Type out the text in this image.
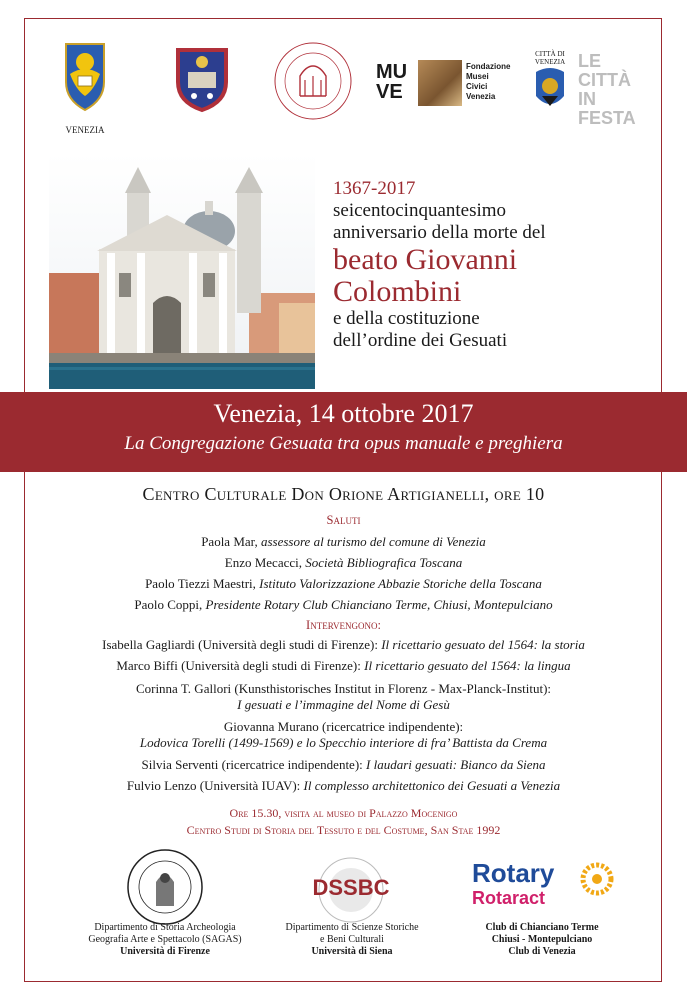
VENEZIA
MU VE
Fondazione
Musei
Civici
Venezia
CITTÀ DI
VENEZIA LE
CITTÀ
IN
FESTA
1367-2017
seicentocinquantesimo
anniversario della morte del
beato Giovanni
Colombini
e della costituzione
dell’ordine dei Gesuati
Venezia, 14 ottobre 2017
La Congregazione Gesuata tra opus manuale e preghiera
Centro Culturale Don Orione Artigianelli, ore 10
Saluti
Paola Mar, assessore al turismo del comune di Venezia
Enzo Mecacci, Società Bibliografica Toscana
Paolo Tiezzi Maestri, Istituto Valorizzazione Abbazie Storiche della Toscana
Paolo Coppi, Presidente Rotary Club Chianciano Terme, Chiusi, Montepulciano
Intervengono:
Isabella Gagliardi (Università degli studi di Firenze): Il ricettario gesuato del 1564: la storia
Marco Biffi (Università degli studi di Firenze): Il ricettario gesuato del 1564: la lingua
Corinna T. Gallori (Kunsthistorisches Institut in Florenz - Max-Planck-Institut):
I gesuati e l’immagine del Nome di Gesù
Giovanna Murano (ricercatrice indipendente):
Lodovica Torelli (1499-1569) e lo Specchio interiore di fra’ Battista da Crema
Silvia Serventi (ricercatrice indipendente): I laudari gesuati: Bianco da Siena
Fulvio Lenzo (Università IUAV): Il complesso architettonico dei Gesuati a Venezia
Ore 15.30, visita al museo di Palazzo Mocenigo
Centro Studi di Storia del Tessuto e del Costume, San Stae 1992
Dipartimento di Storia Archeologia
Geografia Arte e Spettacolo (SAGAS)
Università di Firenze
DSSBC
Dipartimento di Scienze Storiche
e Beni Culturali
Università di Siena
Rotary
Rotaract
Club di Chianciano Terme
Chiusi - Montepulciano
Club di Venezia
